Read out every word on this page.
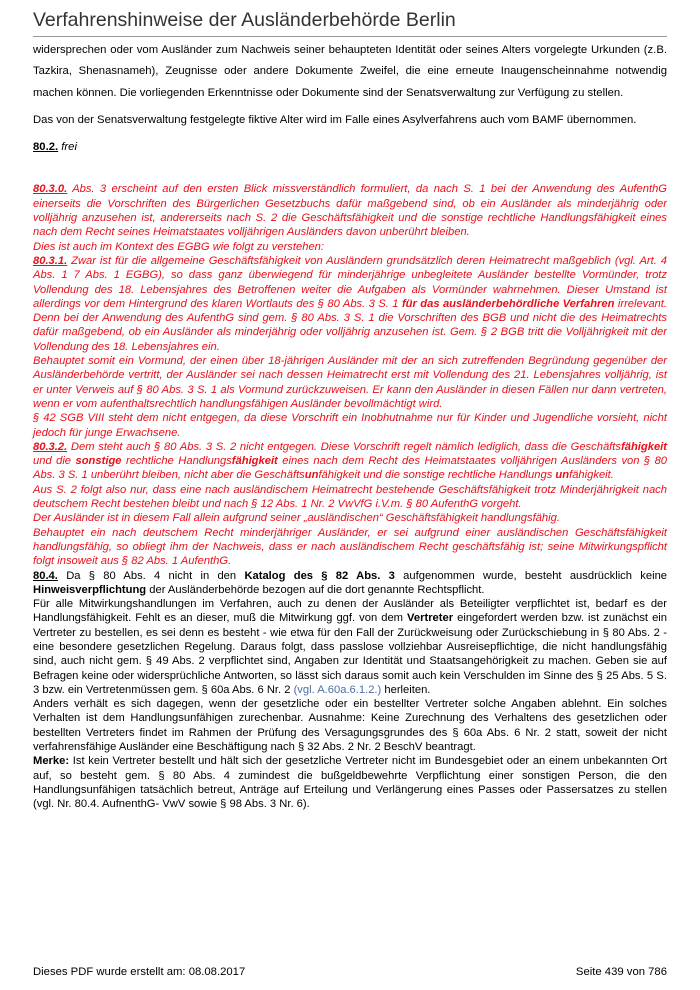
Verfahrenshinweise der Ausländerbehörde Berlin

widersprechen oder vom Ausländer zum Nachweis seiner behaupteten Identität oder seines Alters vorgelegte Urkunden (z.B. Tazkira, Shenasnameh), Zeugnisse oder andere Dokumente Zweifel, die eine erneute Inaugenscheinnahme notwendig machen können. Die vorliegenden Erkenntnisse oder Dokumente sind der Senatsverwaltung zur Verfügung zu stellen.

Das von der Senatsverwaltung festgelegte fiktive Alter wird im Falle eines Asylverfahrens auch vom BAMF übernommen.

80.2. frei

80.3.0. Abs. 3 erscheint auf den ersten Blick missverständlich formuliert, da nach S. 1 bei der Anwendung des AufenthG einerseits die Vorschriften des Bürgerlichen Gesetzbuchs dafür maßgebend sind, ob ein Ausländer als minderjährig oder volljährig anzusehen ist, andererseits nach S. 2 die Geschäftsfähigkeit und die sonstige rechtliche Handlungsfähigkeit eines nach dem Recht seines Heimatstaates volljährigen Ausländers davon unberührt bleiben.

Dies ist auch im Kontext des EGBG wie folgt zu verstehen:

80.3.1. Zwar ist für die allgemeine Geschäftsfähigkeit von Ausländern grundsätzlich deren Heimatrecht maßgeblich (vgl. Art. 4 Abs. 1 7 Abs. 1 EGBG), so dass ganz überwiegend für minderjährige unbegleitete Ausländer bestellte Vormünder, trotz Vollendung des 18. Lebensjahres des Betroffenen weiter die Aufgaben als Vormünder wahrnehmen. Dieser Umstand ist allerdings vor dem Hintergrund des klaren Wortlauts des § 80 Abs. 3 S. 1 für das ausländerbehördliche Verfahren irrelevant. Denn bei der Anwendung des AufenthG sind gem. § 80 Abs. 3 S. 1 die Vorschriften des BGB und nicht die des Heimatrechts dafür maßgebend, ob ein Ausländer als minderjährig oder volljährig anzusehen ist. Gem. § 2 BGB tritt die Volljährigkeit mit der Vollendung des 18. Lebensjahres ein.

Behauptet somit ein Vormund, der einen über 18-jährigen Ausländer mit der an sich zutreffenden Begründung gegenüber der Ausländerbehörde vertritt, der Ausländer sei nach dessen Heimatrecht erst mit Vollendung des 21. Lebensjahres volljährig, ist er unter Verweis auf § 80 Abs. 3 S. 1 als Vormund zurückzuweisen. Er kann den Ausländer in diesen Fällen nur dann vertreten, wenn er vom aufenthaltsrechtlich handlungsfähigen Ausländer bevollmächtigt wird.

§ 42 SGB VIII steht dem nicht entgegen, da diese Vorschrift ein Inobhutnahme nur für Kinder und Jugendliche vorsieht, nicht jedoch für junge Erwachsene.

80.3.2. Dem steht auch § 80 Abs. 3 S. 2 nicht entgegen. Diese Vorschrift regelt nämlich lediglich, dass die Geschäftsfähigkeit und die sonstige rechtliche Handlungsfähigkeit eines nach dem Recht des Heimatstaates volljährigen Ausländers von § 80 Abs. 3 S. 1 unberührt bleiben, nicht aber die Geschäftsunfähigkeit und die sonstige rechtliche Handlungs unfähigkeit.

Aus S. 2 folgt also nur, dass eine nach ausländischem Heimatrecht bestehende Geschäftsfähigkeit trotz Minderjährigkeit nach deutschem Recht bestehen bleibt und nach § 12 Abs. 1 Nr. 2 VwVfG i.V.m. § 80 AufenthG vorgeht.

Der Ausländer ist in diesem Fall allein aufgrund seiner „ausländischen“ Geschäftsfähigkeit handlungsfähig.

Behauptet ein nach deutschem Recht minderjähriger Ausländer, er sei aufgrund einer ausländischen Geschäftsfähigkeit handlungsfähig, so obliegt ihm der Nachweis, dass er nach ausländischem Recht geschäftsfähig ist; seine Mitwirkungspflicht folgt insoweit aus § 82 Abs. 1 AufenthG.

80.4. Da § 80 Abs. 4 nicht in den Katalog des § 82 Abs. 3 aufgenommen wurde, besteht ausdrücklich keine Hinweisverpflichtung der Ausländerbehörde bezogen auf die dort genannte Rechtspflicht.

Für alle Mitwirkungshandlungen im Verfahren, auch zu denen der Ausländer als Beteiligter verpflichtet ist, bedarf es der Handlungsfähigkeit. Fehlt es an dieser, muß die Mitwirkung ggf. von dem Vertreter eingefordert werden bzw. ist zunächst ein Vertreter zu bestellen, es sei denn es besteht - wie etwa für den Fall der Zurückweisung oder Zurückschiebung in § 80 Abs. 2 - eine besondere gesetzlichen Regelung. Daraus folgt, dass passlose vollziehbar Ausreisepflichtige, die nicht handlungsfähig sind, auch nicht gem. § 49 Abs. 2 verpflichtet sind, Angaben zur Identität und Staatsangehörigkeit zu machen. Geben sie auf Befragen keine oder widersprüchliche Antworten, so lässt sich daraus somit auch kein Verschulden im Sinne des § 25 Abs. 5 S. 3 bzw. ein Vertretenmüssen gem. § 60a Abs. 6 Nr. 2 (vgl. A.60a.6.1.2.) herleiten.

Anders verhält es sich dagegen, wenn der gesetzliche oder ein bestellter Vertreter solche Angaben ablehnt. Ein solches Verhalten ist dem Handlungsunfähigen zurechenbar. Ausnahme: Keine Zurechnung des Verhaltens des gesetzlichen oder bestellten Vertreters findet im Rahmen der Prüfung des Versagungsgrundes des § 60a Abs. 6 Nr. 2 statt, soweit der nicht verfahrensfähige Ausländer eine Beschäftigung nach § 32 Abs. 2 Nr. 2 BeschV beantragt.

Merke: Ist kein Vertreter bestellt und hält sich der gesetzliche Vertreter nicht im Bundesgebiet oder an einem unbekannten Ort auf, so besteht gem. § 80 Abs. 4 zumindest die bußgeldbewehrte Verpflichtung einer sonstigen Person, die den Handlungsunfähigen tatsächlich betreut, Anträge auf Erteilung und Verlängerung eines Passes oder Passersatzes zu stellen (vgl. Nr. 80.4. AufnenthG- VwV sowie § 98 Abs. 3 Nr. 6).

Dieses PDF wurde erstellt am: 08.08.2017	Seite 439 von 786
